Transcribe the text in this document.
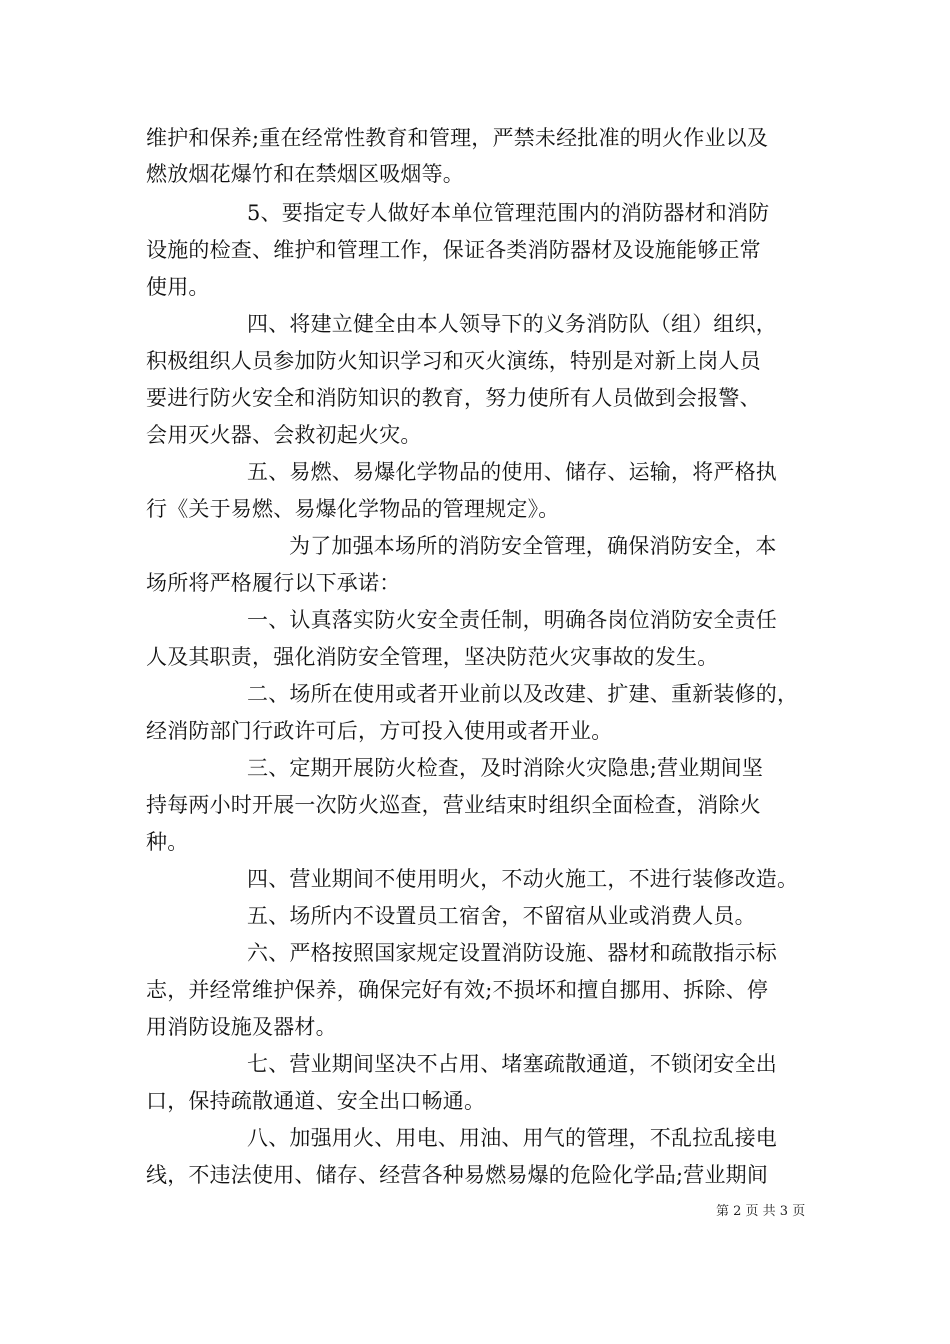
维护和保养;重在经常性教育和管理，严禁未经批准的明火作业以及
燃放烟花爆竹和在禁烟区吸烟等。
5、要指定专人做好本单位管理范围内的消防器材和消防
设施的检查、维护和管理工作，保证各类消防器材及设施能够正常
使用。
四、将建立健全由本人领导下的义务消防队（组）组织，
积极组织人员参加防火知识学习和灭火演练，特别是对新上岗人员
要进行防火安全和消防知识的教育，努力使所有人员做到会报警、
会用灭火器、会救初起火灾。
五、易燃、易爆化学物品的使用、储存、运输，将严格执
行《关于易燃、易爆化学物品的管理规定》。
为了加强本场所的消防安全管理，确保消防安全，本
场所将严格履行以下承诺：
一、认真落实防火安全责任制，明确各岗位消防安全责任
人及其职责，强化消防安全管理，坚决防范火灾事故的发生。
二、场所在使用或者开业前以及改建、扩建、重新装修的，
经消防部门行政许可后，方可投入使用或者开业。
三、定期开展防火检查，及时消除火灾隐患;营业期间坚
持每两小时开展一次防火巡查，营业结束时组织全面检查，消除火
种。
四、营业期间不使用明火，不动火施工，不进行装修改造。
五、场所内不设置员工宿舍，不留宿从业或消费人员。
六、严格按照国家规定设置消防设施、器材和疏散指示标
志，并经常维护保养，确保完好有效;不损坏和擅自挪用、拆除、停
用消防设施及器材。
七、营业期间坚决不占用、堵塞疏散通道，不锁闭安全出
口，保持疏散通道、安全出口畅通。
八、加强用火、用电、用油、用气的管理，不乱拉乱接电
线，不违法使用、储存、经营各种易燃易爆的危险化学品;营业期间
第 2 页 共 3 页
